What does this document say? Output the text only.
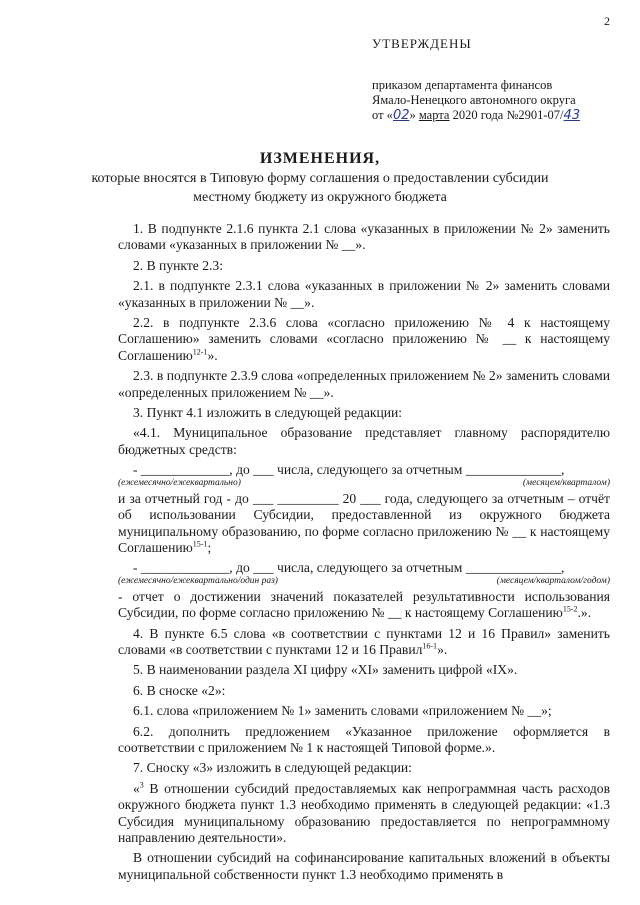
2
УТВЕРЖДЕНЫ
приказом департамента финансов
Ямало-Ненецкого автономного округа
от «02» марта 2020 года №2901-07/43
ИЗМЕНЕНИЯ,
которые вносятся в Типовую форму соглашения о предоставлении субсидии
местному бюджету из окружного бюджета

1. В подпункте 2.1.6 пункта 2.1 слова «указанных в приложении № 2» заменить словами «указанных в приложении № __».

2. В пункте 2.3:

2.1. в подпункте 2.3.1 слова «указанных в приложении № 2» заменить словами «указанных в приложении № __».

2.2. в подпункте 2.3.6 слова «согласно приложению № 4 к настоящему Соглашению» заменить словами «согласно приложению № __ к настоящему Соглашению$^{12-1}$».

2.3. в подпункте 2.3.9 слова «определенных приложением № 2» заменить словами «определенных приложением № __».

3. Пункт 4.1 изложить в следующей редакции:

«4.1. Муниципальное образование представляет главному распорядителю бюджетных средств:

- _____________, до ___ числа, следующего за отчетным ______________,

(ежемесячно/ежеквартально)	(месяцем/кварталом)

и за отчетный год - до ___ _________ 20 ___ года, следующего за отчетным – отчёт об использовании Субсидии, предоставленной из окружного бюджета муниципальному образованию, по форме согласно приложению № __ к настоящему Соглашению$^{15-1}$;

- _____________, до ___ числа, следующего за отчетным ______________,

(ежемесячно/ежеквартально/один раз)	(месяцем/кварталом/годом)

- отчет о достижении значений показателей результативности использования Субсидии, по форме согласно приложению № __ к настоящему Соглашению$^{15-2}$.».

4. В пункте 6.5 слова «в соответствии с пунктами 12 и 16 Правил» заменить словами «в соответствии с пунктами 12 и 16 Правил$^{16-1}$».

5. В наименовании раздела XI цифру «XI» заменить цифрой «IX».

6. В сноске «2»:

6.1. слова «приложением № 1» заменить словами «приложением № __»;

6.2. дополнить предложением «Указанное приложение оформляется в соответствии с приложением № 1 к настоящей Типовой форме.».

7. Сноску «3» изложить в следующей редакции:

«$^3$ В отношении субсидий предоставляемых как непрограммная часть расходов окружного бюджета пункт 1.3 необходимо применять в следующей редакции: «1.3 Субсидия муниципальному образованию предоставляется по непрограммному направлению деятельности».

В отношении субсидий на софинансирование капитальных вложений в объекты муниципальной собственности пункт 1.3 необходимо применять в
